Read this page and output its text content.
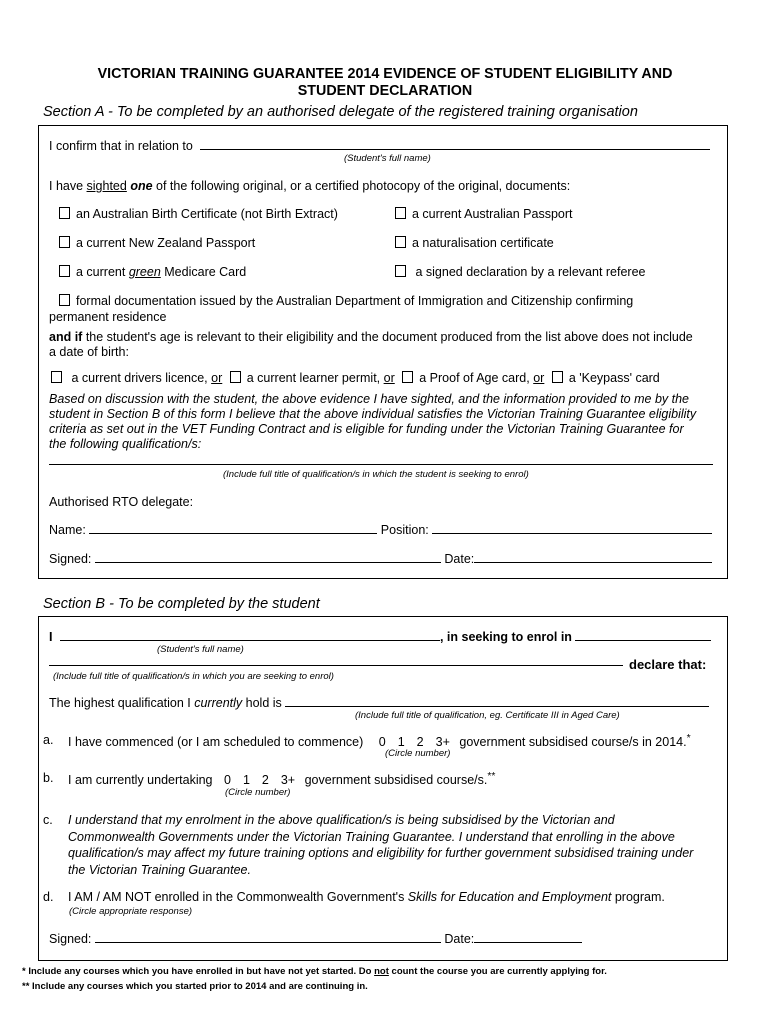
VICTORIAN TRAINING GUARANTEE 2014 EVIDENCE OF STUDENT ELIGIBILITY AND
STUDENT DECLARATION
Section A - To be completed by an authorised delegate of the registered training organisation
I confirm that in relation to
(Student's full name)
I have sighted one of the following original, or a certified photocopy of the original, documents:
an Australian Birth Certificate (not Birth Extract)	a current Australian Passport
a current New Zealand Passport	a naturalisation certificate
a current green Medicare Card	a signed declaration by a relevant referee
formal documentation issued by the Australian Department of Immigration and Citizenship confirming
permanent residence
and if the student's age is relevant to their eligibility and the document produced from the list above does not include
a date of birth:
a current drivers licence, or a current learner permit, or a Proof of Age card, or a 'Keypass' card
Based on discussion with the student, the above evidence I have sighted, and the information provided to me by the
student in Section B of this form I believe that the above individual satisfies the Victorian Training Guarantee eligibility
criteria as set out in the VET Funding Contract and is eligible for funding under the Victorian Training Guarantee for
the following qualification/s:
(Include full title of qualification/s in which the student is seeking to enrol)
Authorised RTO delegate:
Name:	Position:
Signed:	Date:
Section B - To be completed by the student
I	, in seeking to enrol in
(Student's full name)
declare that:
(Include full title of qualification/s in which you are seeking to enrol)
The highest qualification I currently hold is
(Include full title of qualification, eg. Certificate III in Aged Care)
a. I have commenced (or I am scheduled to commence) 0 1 2 3+ government subsidised course/s in 2014.*
(Circle number)
b. I am currently undertaking 0 1 2 3+ government subsidised course/s.**
(Circle number)
c. I understand that my enrolment in the above qualification/s is being subsidised by the Victorian and
Commonwealth Governments under the Victorian Training Guarantee. I understand that enrolling in the above
qualification/s may affect my future training options and eligibility for further government subsidised training under
the Victorian Training Guarantee.
d. I AM / AM NOT enrolled in the Commonwealth Government's Skills for Education and Employment program.
(Circle appropriate response)
Signed:	Date:
* Include any courses which you have enrolled in but have not yet started. Do not count the course you are currently applying for.
** Include any courses which you started prior to 2014 and are continuing in.
